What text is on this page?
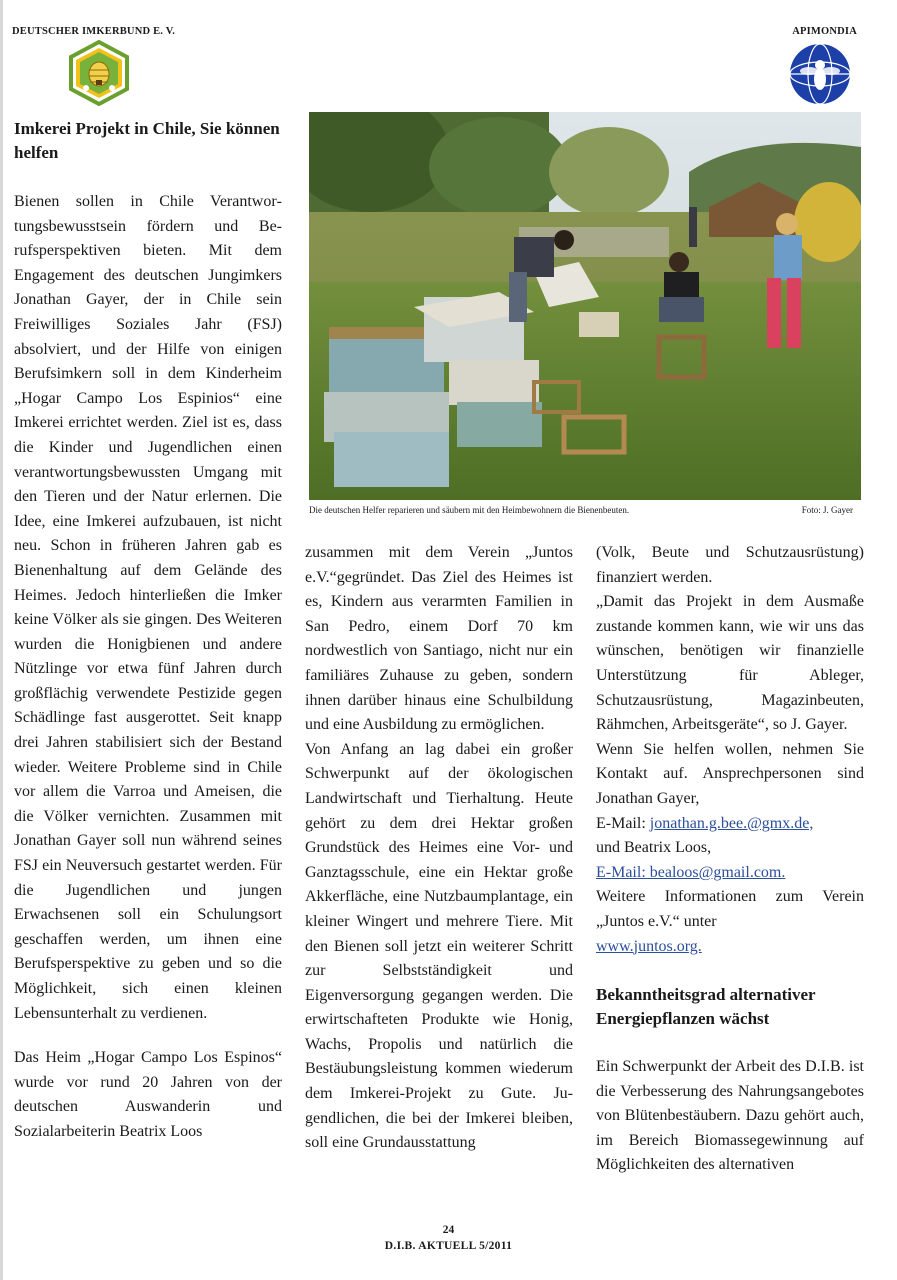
DEUTSCHER IMKERBUND E. V.	APIMONDIA
Imkerei Projekt in Chile, Sie können helfen
Die deutschen Helfer reparieren und säubern mit den Heimbewohnern die Bienenbeuten.	Foto: J. Gayer

Bienen sollen in Chile Verantwortungsbewusstsein fördern und Berufsperspektiven bieten. Mit dem Engagement des deutschen Jungimkers Jonathan Gayer, der in Chile sein Freiwilliges Soziales Jahr (FSJ) absolviert, und der Hilfe von einigen Berufsimkern soll in dem Kinderheim „Hogar Campo Los Espinios“ eine Imkerei errichtet werden. Ziel ist es, dass die Kinder und Jugendlichen einen verantwortungsbewussten Umgang mit den Tieren und der Natur erlernen. Die Idee, eine Imkerei aufzubauen, ist nicht neu. Schon in früheren Jahren gab es Bienenhaltung auf dem Gelände des Heimes. Jedoch hinterließen die Imker keine Völker als sie gingen. Des Weiteren wurden die Honigbienen und andere Nützlinge vor etwa fünf Jahren durch großflächig verwendete Pestizide gegen Schädlinge fast ausgerottet. Seit knapp drei Jahren stabilisiert sich der Bestand wieder. Weitere Probleme sind in Chile vor allem die Varroa und Ameisen, die die Völker vernichten. Zusammen mit Jonathan Gayer soll nun während seines FSJ ein Neuversuch gestartet werden. Für die Jugendlichen und jungen Erwachsenen soll ein Schulungsort geschaffen werden, um ihnen eine Berufsperspektive zu geben und so die Möglichkeit, sich einen kleinen Lebensunterhalt zu verdienen.

Das Heim „Hogar Campo Los Espinos“ wurde vor rund 20 Jahren von der deutschen Auswanderin und Sozialarbeiterin Beatrix Loos

zusammen mit dem Verein „Juntos e.V.“gegründet. Das Ziel des Heimes ist es, Kindern aus verarmten Familien in San Pedro, einem Dorf 70 km nordwestlich von Santiago, nicht nur ein familiäres Zuhause zu geben, sondern ihnen darüber hinaus eine Schulbildung und eine Ausbildung zu ermöglichen.

Von Anfang an lag dabei ein großer Schwerpunkt auf der ökologischen Landwirtschaft und Tierhaltung. Heute gehört zu dem drei Hektar großen Grundstück des Heimes eine Vor- und Ganztagsschule, eine ein Hektar große Akkerfläche, eine Nutzbaumplantage, ein kleiner Wingert und mehrere Tiere. Mit den Bienen soll jetzt ein weiterer Schritt zur Selbstständigkeit und Eigenversorgung gegangen werden. Die erwirtschafteten Produkte wie Honig, Wachs, Propolis und natürlich die Bestäubungsleistung kommen wiederum dem Imkerei-Projekt zu Gute. Jugendlichen, die bei der Imkerei bleiben, soll eine Grundausstattung

(Volk, Beute und Schutzausrüstung) finanziert werden.

„Damit das Projekt in dem Ausmaße zustande kommen kann, wie wir uns das wünschen, benötigen wir finanzielle Unterstützung für Ableger, Schutzausrüstung, Magazinbeuten, Rähmchen, Arbeitsgeräte“, so J. Gayer.

Wenn Sie helfen wollen, nehmen Sie Kontakt auf. Ansprechpersonen sind Jonathan Gayer,

E-Mail: jonathan.g.bee.@gmx.de,

und Beatrix Loos,

E-Mail: bealoos@gmail.com.

Weitere Informationen zum Verein „Juntos e.V.“ unter

www.juntos.org.

Bekanntheitsgrad alternativer Energiepflanzen wächst

Ein Schwerpunkt der Arbeit des D.I.B. ist die Verbesserung des Nahrungsangebotes von Blütenbestäubern. Dazu gehört auch, im Bereich Biomassegewinnung auf Möglichkeiten des alternativen

24
D.I.B. AKTUELL 5/2011
